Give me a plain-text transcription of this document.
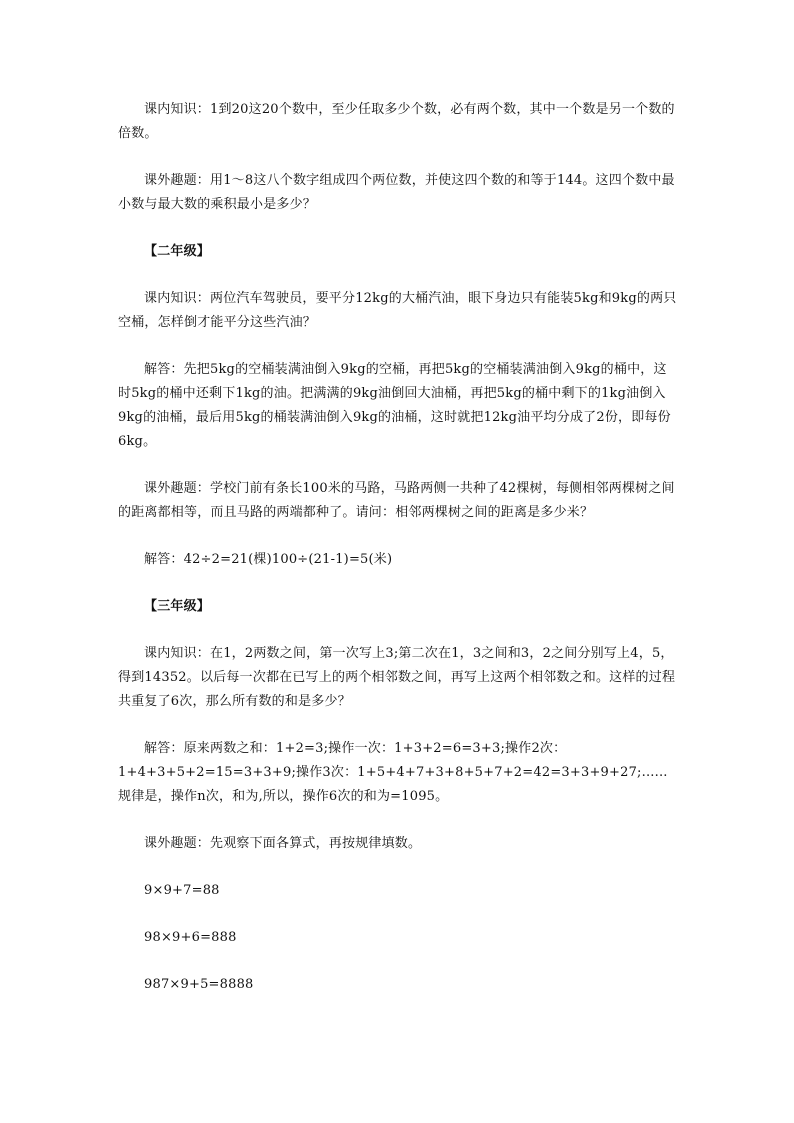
课内知识：1到20这20个数中，至少任取多少个数，必有两个数，其中一个数是另一个数的倍数。

课外趣题：用1～8这八个数字组成四个两位数，并使这四个数的和等于144。这四个数中最小数与最大数的乘积最小是多少？

【二年级】

课内知识：两位汽车驾驶员，要平分12kg的大桶汽油，眼下身边只有能装5kg和9kg的两只空桶，怎样倒才能平分这些汽油？

解答：先把5kg的空桶装满油倒入9kg的空桶，再把5kg的空桶装满油倒入9kg的桶中，这时5kg的桶中还剩下1kg的油。把满满的9kg油倒回大油桶，再把5kg的桶中剩下的1kg油倒入9kg的油桶，最后用5kg的桶装满油倒入9kg的油桶，这时就把12kg油平均分成了2份，即每份6kg。

课外趣题：学校门前有条长100米的马路，马路两侧一共种了42棵树，每侧相邻两棵树之间的距离都相等，而且马路的两端都种了。请问：相邻两棵树之间的距离是多少米？

解答：42÷2=21(棵)100÷(21-1)=5(米)

【三年级】

课内知识：在1，2两数之间，第一次写上3;第二次在1，3之间和3，2之间分别写上4，5，得到14352。以后每一次都在已写上的两个相邻数之间，再写上这两个相邻数之和。这样的过程共重复了6次，那么所有数的和是多少？

解答：原来两数之和：1+2=3;操作一次：1+3+2=6=3+3;操作2次：1+4+3+5+2=15=3+3+9;操作3次：1+5+4+7+3+8+5+7+2=42=3+3+9+27;......规律是，操作n次，和为,所以，操作6次的和为=1095。

课外趣题：先观察下面各算式，再按规律填数。

9×9+7=88

98×9+6=888

987×9+5=8888
